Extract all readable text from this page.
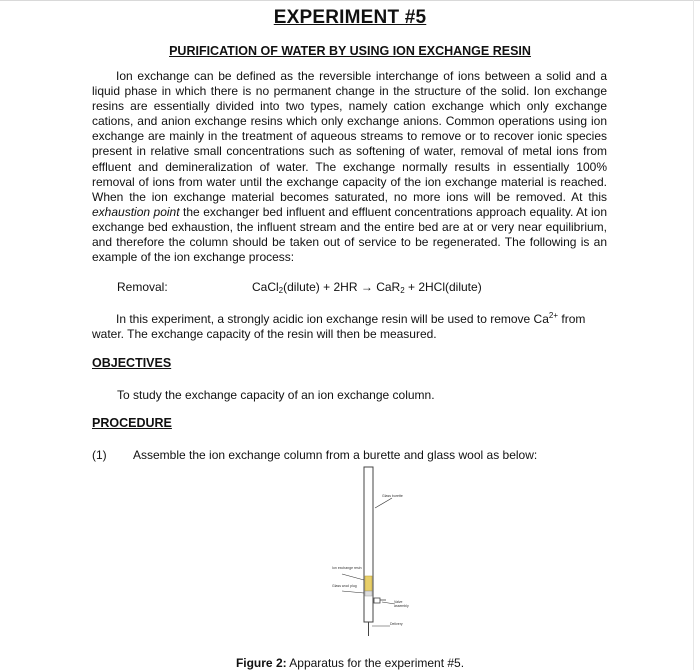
EXPERIMENT #5
PURIFICATION OF WATER BY USING ION EXCHANGE RESIN
Ion exchange can be defined as the reversible interchange of ions between a solid and a liquid phase in which there is no permanent change in the structure of the solid. Ion exchange resins are essentially divided into two types, namely cation exchange which only exchange cations, and anion exchange resins which only exchange anions. Common operations using ion exchange are mainly in the treatment of aqueous streams to remove or to recover ionic species present in relative small concentrations such as softening of water, removal of metal ions from effluent and demineralization of water. The exchange normally results in essentially 100% removal of ions from water until the exchange capacity of the ion exchange material is reached. When the ion exchange material becomes saturated, no more ions will be removed. At this exhaustion point the exchanger bed influent and effluent concentrations approach equality. At ion exchange bed exhaustion, the influent stream and the entire bed are at or very near equilibrium, and therefore the column should be taken out of service to be regenerated. The following is an example of the ion exchange process:
Removal:	CaCl$_2$(dilute) + 2HR → CaR$_2$ + 2HCl(dilute)
In this experiment, a strongly acidic ion exchange resin will be used to remove $Ca^{2+}$ from water. The exchange capacity of the resin will then be measured.
OBJECTIVES
To study the exchange capacity of an ion exchange column.
PROCEDURE
(1) Assemble the ion exchange column from a burette and glass wool as below:
Glass burette
Ion exchange resin
Glass wool plug
Valve assembly
Delivery
Figure 2: Apparatus for the experiment #5.
